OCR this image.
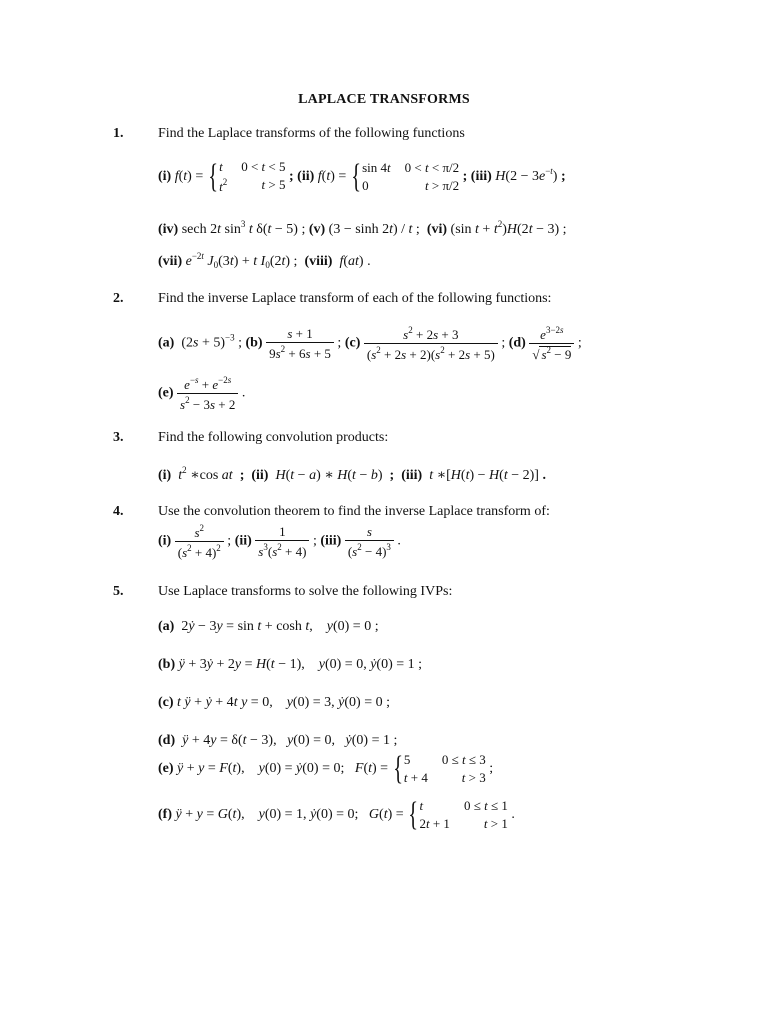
LAPLACE TRANSFORMS
1. Find the Laplace transforms of the following functions
(i) f(t) = { t	0 < t < 5
$t^2$	t > 5
; (ii) f(t) = { sin 4t 0 < t < π/2
0	t > π/2
; (iii) $H(2 - 3e^{-t})$ ;
(iv) sech 2t $\sin^3 t$ δ(t − 5) ; (v) (3 − sinh 2t) / t ;  (vi) (sin $t + t^2)H(2t - 3)$ ;
(vii) $e^{-2t}$ $J_0(3t) + t$ $I_0(2t)$ ;  (viii) f(at) .
2. Find the inverse Laplace transform of each of the following functions:
(a)  $(2s + 5)^{-3}$ ; $(b) \frac{s + 1}{9s^2 + 6s + 5}$ ; $(c) \frac{s^2 + 2s + 3}{(s^2 + 2s + 2)(s^2 + 2s + 5)}$ ; $(d) \frac{e^{3-2s}}{√ s^2 - 9}$ ;
$(e) \frac{e^{-s} + e^{-2s}}{s^2 - 3s + 2}$ .
3. Find the following convolution products:
(i) $t^2$ ∗cos at ; (ii) H(t − a) ∗ H(t − b)  ; (iii) t ∗[H(t) − H(t − 2)] .
4. Use the convolution theorem to find the inverse Laplace transform of:
$(i) \frac{s^2}{(s^2 + 4)^2}$ ; $(ii) \frac{1}{s^3(s^2 + 4)}$ ; $(iii) \frac{s}{(s^2 - 4)^3}$ .
5. Use Laplace transforms to solve the following IVPs:
(a)  2ẏ − 3y = sin t + cosh t,    y(0) = 0 ;
(b) ÿ + 3ẏ + 2y = H(t − 1),    y(0) = 0, ẏ(0) = 1 ;
(c) t ÿ + ẏ + 4t y = 0,    y(0) = 3, ẏ(0) = 0 ;
(d) ÿ + 4y = δ(t − 3),   y(0) = 0,   ẏ(0) = 1 ;
(e) ÿ + y = F(t),    y(0) = ẏ(0) = 0;   F(t) = { 5	0 ≤ t ≤ 3
t + 4	t > 3
;
(f) ÿ + y = G(t),    y(0) = 1, ẏ(0) = 0;   G(t) = { t	0 ≤ t ≤ 1
2t + 1	t > 1
.
